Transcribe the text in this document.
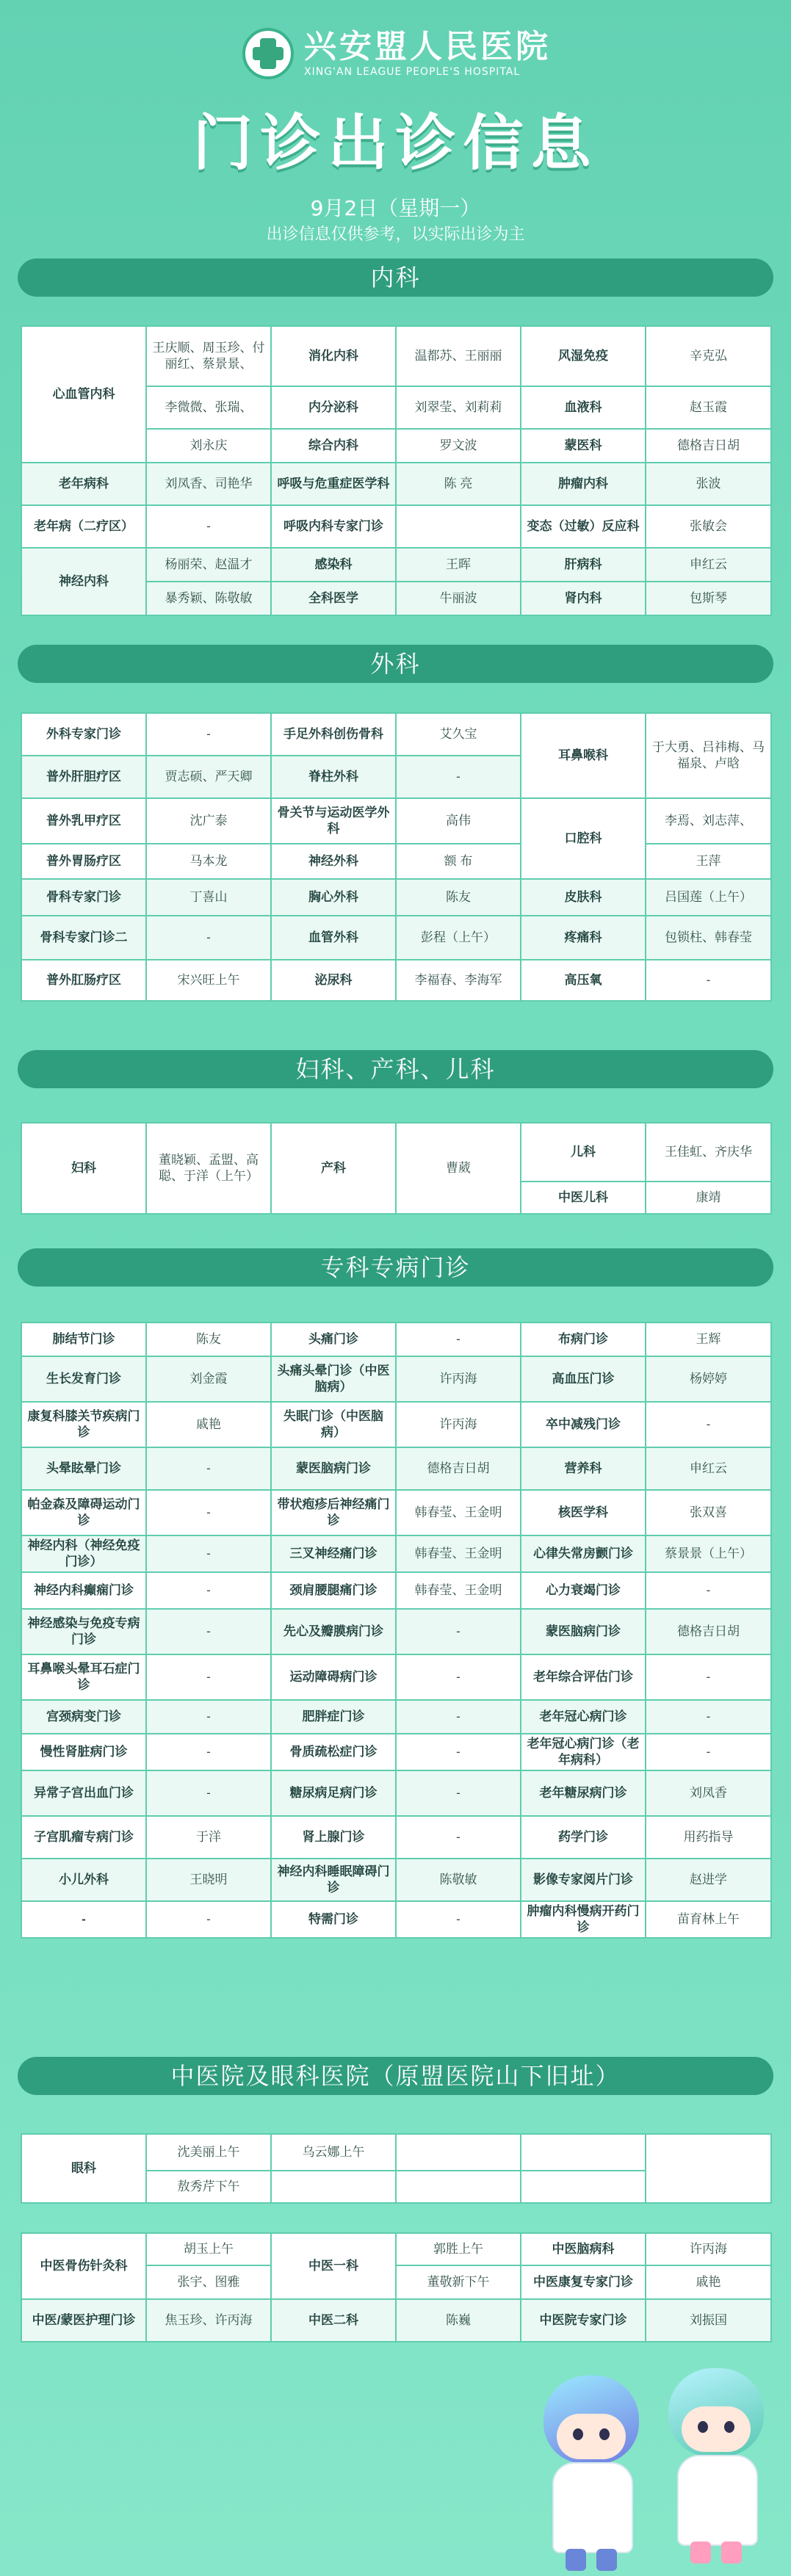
兴安盟人民医院
XING'AN LEAGUE PEOPLE'S HOSPITAL
门诊出诊信息
9月2日（星期一）
出诊信息仅供参考，以实际出诊为主
内科
心血管内科	王庆顺、周玉珍、付丽红、蔡景景、	消化内科	温都苏、王丽丽	风湿免疫	辛克弘
	李微微、张瑞、	内分泌科	刘翠莹、刘莉莉	血液科	赵玉霞
	刘永庆	综合内科	罗文波	蒙医科	德格吉日胡
老年病科	刘凤香、司艳华	呼吸与危重症医学科	陈 亮	肿瘤内科	张波
老年病（二疗区）	-	呼吸内科专家门诊		变态（过敏）反应科	张敏会
神经内科	杨丽荣、赵温才	感染科	王晖	肝病科	申红云
	暴秀颖、陈敬敏	全科医学	牛丽波	肾内科	包斯琴
外科
外科专家门诊	-	手足外科创伤骨科	艾久宝	耳鼻喉科	于大勇、吕祎梅、马福泉、卢晗
普外肝胆疗区	贾志硕、严天卿	脊柱外科	-		
普外乳甲疗区	沈广泰	骨关节与运动医学外科	高伟	口腔科	李焉、刘志萍、
普外胃肠疗区	马本龙	神经外科	额 布		王萍
骨科专家门诊	丁喜山	胸心外科	陈友	皮肤科	吕国莲（上午）
骨科专家门诊二	-	血管外科	彭程（上午）	疼痛科	包锁柱、韩春莹
普外肛肠疗区	宋兴旺上午	泌尿科	李福春、李海军	高压氧	-
妇科、产科、儿科
妇科	董晓颖、孟盟、高聪、于洋（上午）	产科	曹葳	儿科	王佳虹、齐庆华
				中医儿科	康靖
专科专病门诊
肺结节门诊	陈友	头痛门诊	-	布病门诊	王辉
生长发育门诊	刘金霞	头痛头晕门诊（中医脑病）	许丙海	高血压门诊	杨婷婷
康复科膝关节疾病门诊	戚艳	失眠门诊（中医脑病）	许丙海	卒中减残门诊	-
头晕眩晕门诊	-	蒙医脑病门诊	德格吉日胡	营养科	申红云
帕金森及障碍运动门诊	-	带状疱疹后神经痛门诊	韩春莹、王金明	核医学科	张双喜
神经内科（神经免疫门诊）	-	三叉神经痛门诊	韩春莹、王金明	心律失常房颤门诊	蔡景景（上午）
神经内科癫痫门诊	-	颈肩腰腿痛门诊	韩春莹、王金明	心力衰竭门诊	-
神经感染与免疫专病门诊	-	先心及瓣膜病门诊	-	蒙医脑病门诊	德格吉日胡
耳鼻喉头晕耳石症门诊	-	运动障碍病门诊	-	老年综合评估门诊	-
宫颈病变门诊	-	肥胖症门诊	-	老年冠心病门诊	-
慢性肾脏病门诊	-	骨质疏松症门诊	-	老年冠心病门诊（老年病科）	-
异常子宫出血门诊	-	糖尿病足病门诊	-	老年糖尿病门诊	刘凤香
子宫肌瘤专病门诊	于洋	肾上腺门诊	-	药学门诊	用药指导
小儿外科	王晓明	神经内科睡眠障碍门诊	陈敬敏	影像专家阅片门诊	赵进学
-	-	特需门诊	-	肿瘤内科慢病开药门诊	苗育林上午
中医院及眼科医院（原盟医院山下旧址）
眼科	沈美丽上午	乌云娜上午			
	敖秀芹下午				
中医骨伤针灸科	胡玉上午	中医一科	郭胜上午	中医脑病科	许丙海
	张宇、图雅		董敬新下午	中医康复专家门诊	戚艳
中医/蒙医护理门诊	焦玉珍、许丙海	中医二科	陈巍	中医院专家门诊	刘振国
